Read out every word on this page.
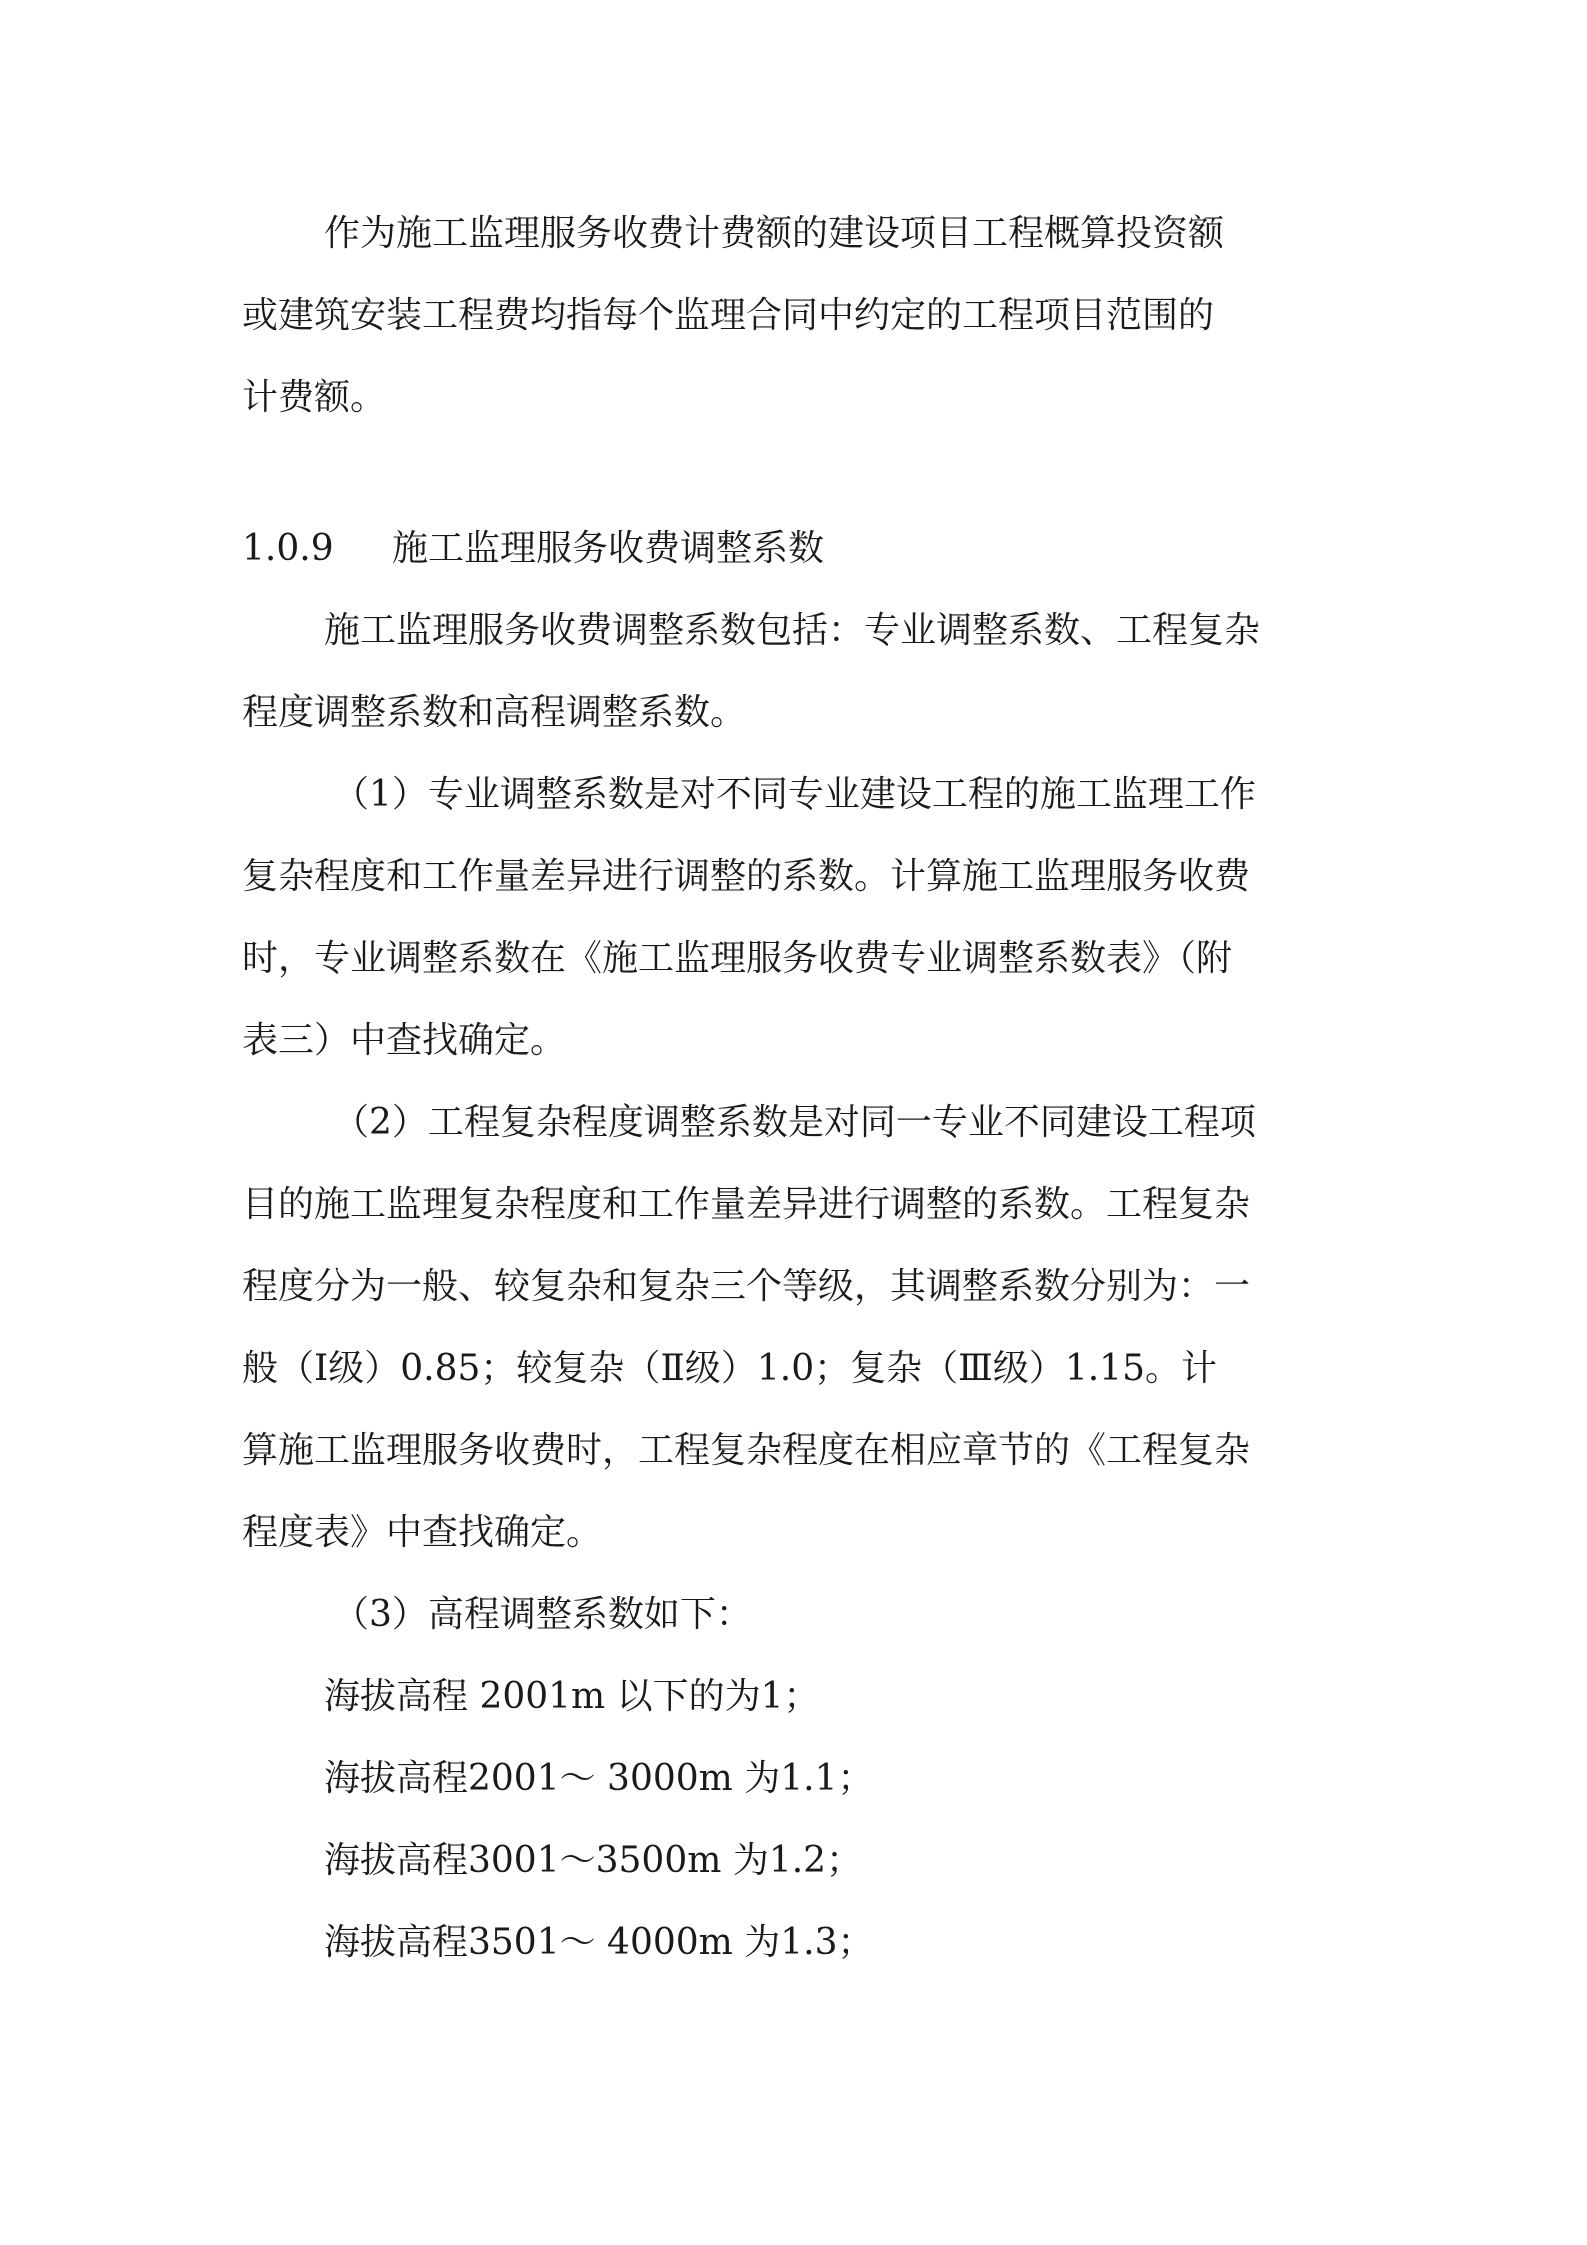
作为施工监理服务收费计费额的建设项目工程概算投资额
或建筑安装工程费均指每个监理合同中约定的工程项目范围的
计费额。
1.0.9 施工监理服务收费调整系数
施工监理服务收费调整系数包括：专业调整系数、工程复杂
程度调整系数和高程调整系数。
（1）专业调整系数是对不同专业建设工程的施工监理工作
复杂程度和工作量差异进行调整的系数。计算施工监理服务收费
时，专业调整系数在《施工监理服务收费专业调整系数表》（附
表三）中查找确定。
（2）工程复杂程度调整系数是对同一专业不同建设工程项
目的施工监理复杂程度和工作量差异进行调整的系数。工程复杂
程度分为一般、较复杂和复杂三个等级，其调整系数分别为：一
般（Ⅰ级）0.85；较复杂（Ⅱ级）1.0；复杂（Ⅲ级）1.15。计
算施工监理服务收费时，工程复杂程度在相应章节的《工程复杂
程度表》中查找确定。
（3）高程调整系数如下：
海拔高程 2001m 以下的为1；
海拔高程2001～ 3000m 为1.1；
海拔高程3001～3500m 为1.2；
海拔高程3501～ 4000m 为1.3；
